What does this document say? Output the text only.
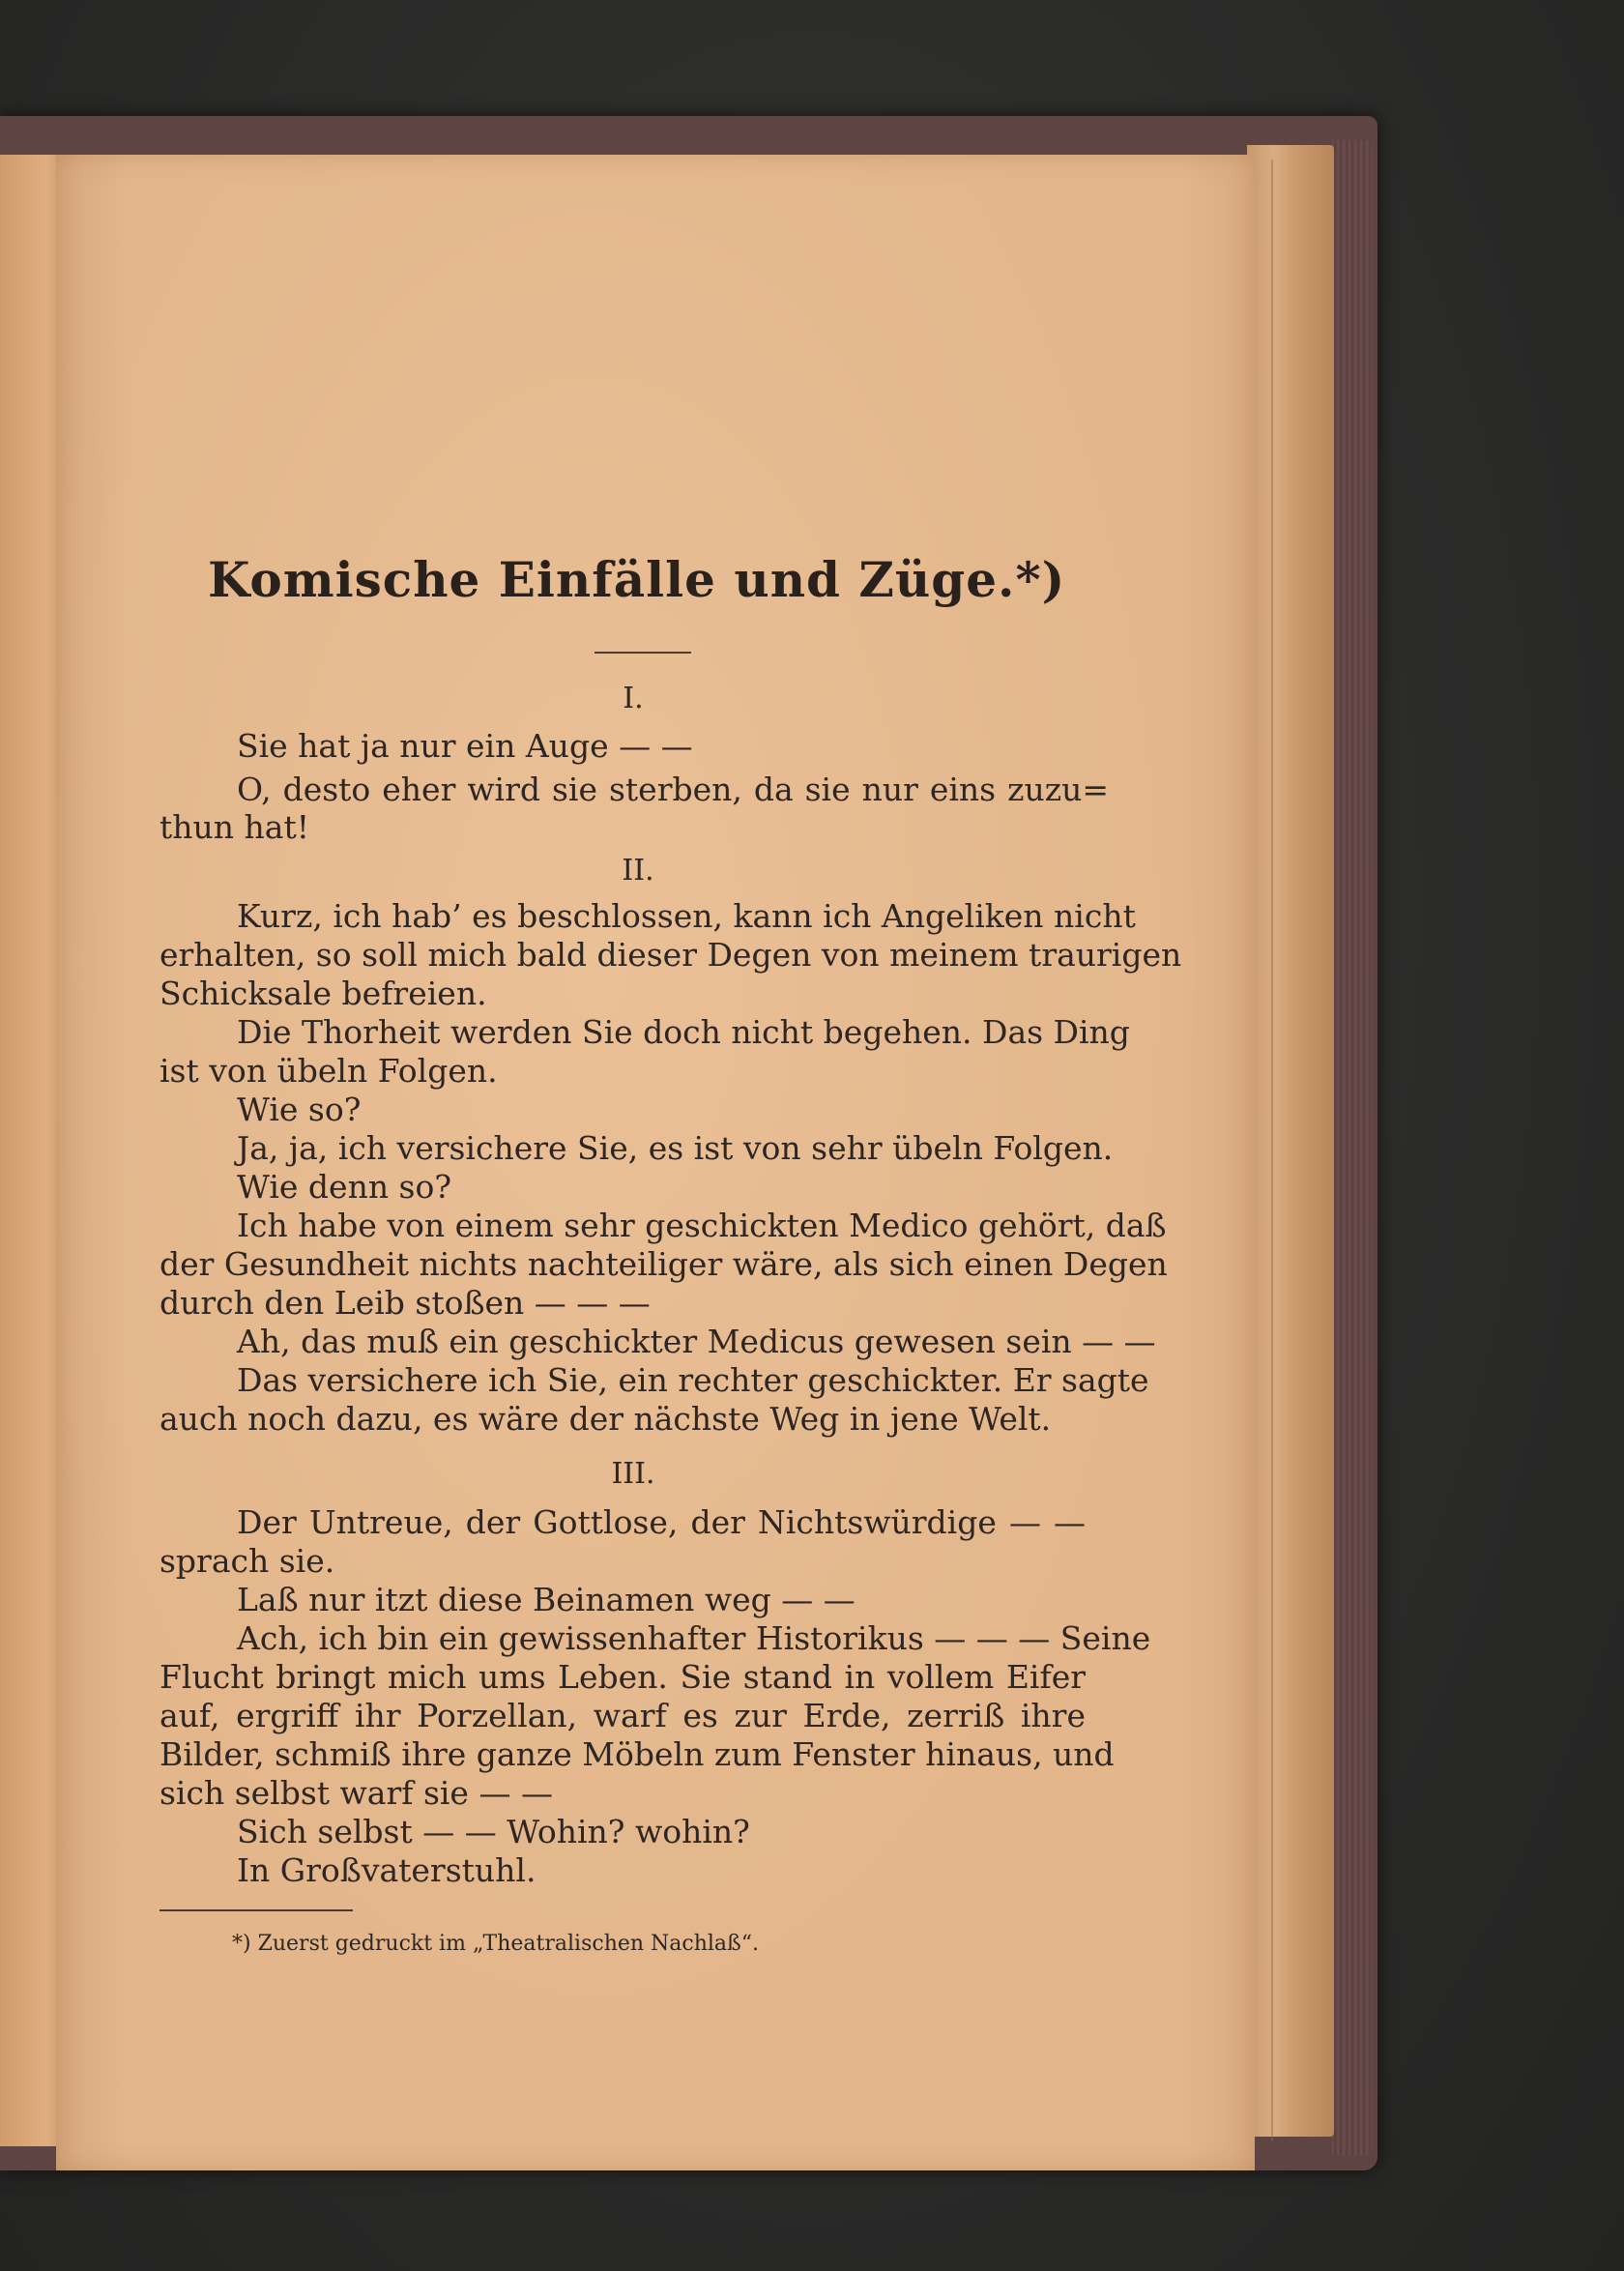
Komische Einfälle und Züge.*)
I.
Sie hat ja nur ein Auge — —
O, desto eher wird sie sterben, da sie nur eins zuzu=
thun hat!
II.
Kurz, ich hab’ es beschlossen, kann ich Angeliken nicht
erhalten, so soll mich bald dieser Degen von meinem traurigen
Schicksale befreien.
Die Thorheit werden Sie doch nicht begehen. Das Ding
ist von übeln Folgen.
Wie so?
Ja, ja, ich versichere Sie, es ist von sehr übeln Folgen.
Wie denn so?
Ich habe von einem sehr geschickten Medico gehört, daß
der Gesundheit nichts nachteiliger wäre, als sich einen Degen
durch den Leib stoßen — — —
Ah, das muß ein geschickter Medicus gewesen sein — —
Das versichere ich Sie, ein rechter geschickter. Er sagte
auch noch dazu, es wäre der nächste Weg in jene Welt.
III.
Der Untreue, der Gottlose, der Nichtswürdige — —
sprach sie.
Laß nur itzt diese Beinamen weg — —
Ach, ich bin ein gewissenhafter Historikus — — — Seine
Flucht bringt mich ums Leben. Sie stand in vollem Eifer
auf, ergriff ihr Porzellan, warf es zur Erde, zerriß ihre
Bilder, schmiß ihre ganze Möbeln zum Fenster hinaus, und
sich selbst warf sie — —
Sich selbst — — Wohin? wohin?
In Großvaterstuhl.
*) Zuerst gedruckt im „Theatralischen Nachlaß“.
